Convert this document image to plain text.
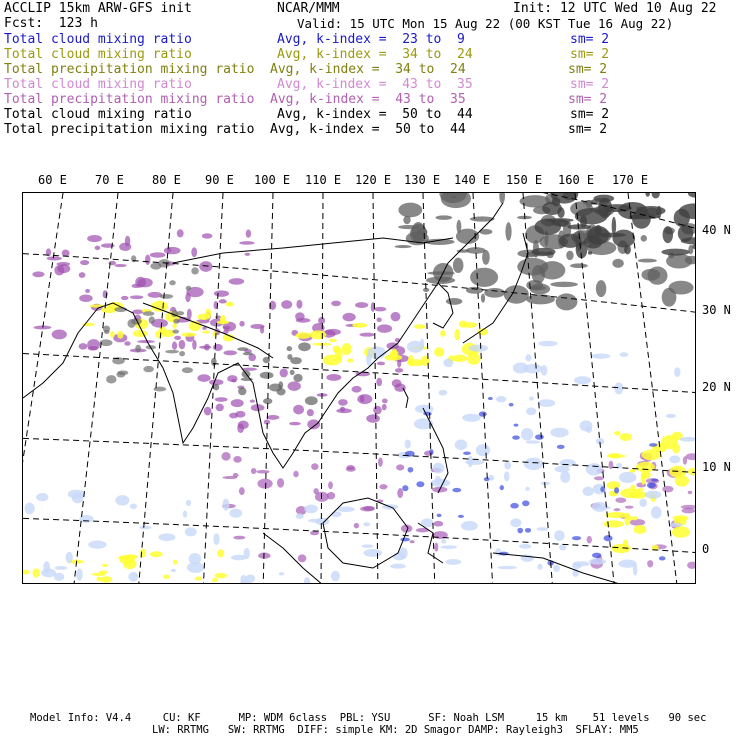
ACCLIP 15km ARW-GFS init	NCAR/MMM	Init: 12 UTC Wed 10 Aug 22
Fcst:  123 h	Valid: 15 UTC Mon 15 Aug 22 (00 KST Tue 16 Aug 22)
Total cloud mixing ratio	Avg, k-index =  23 to  9	sm= 2
Total cloud mixing ratio	Avg, k-index =  34 to  24	sm= 2
Total precipitation mixing ratio Avg, k-index =  34 to  24	sm= 2
Total cloud mixing ratio	Avg, k-index =  43 to  35	sm= 2
Total precipitation mixing ratio Avg, k-index =  43 to  35	sm= 2
Total cloud mixing ratio	Avg, k-index =  50 to  44	sm= 2
Total precipitation mixing ratio Avg, k-index =  50 to  44	sm= 2
60 E 70 E 80 E 90 E 100 E 110 E 120 E 130 E 140 E 150 E 160 E 170 E
40 N
30 N
20 N
10 N
0
Model Info: V4.4     CU: KF      MP: WDM 6class  PBL: YSU      SF: Noah LSM     15 km    51 levels   90 sec
LW: RRTMG   SW: RRTMG  DIFF: simple KM: 2D Smagor DAMP: Rayleigh3  SFLAY: MM5
